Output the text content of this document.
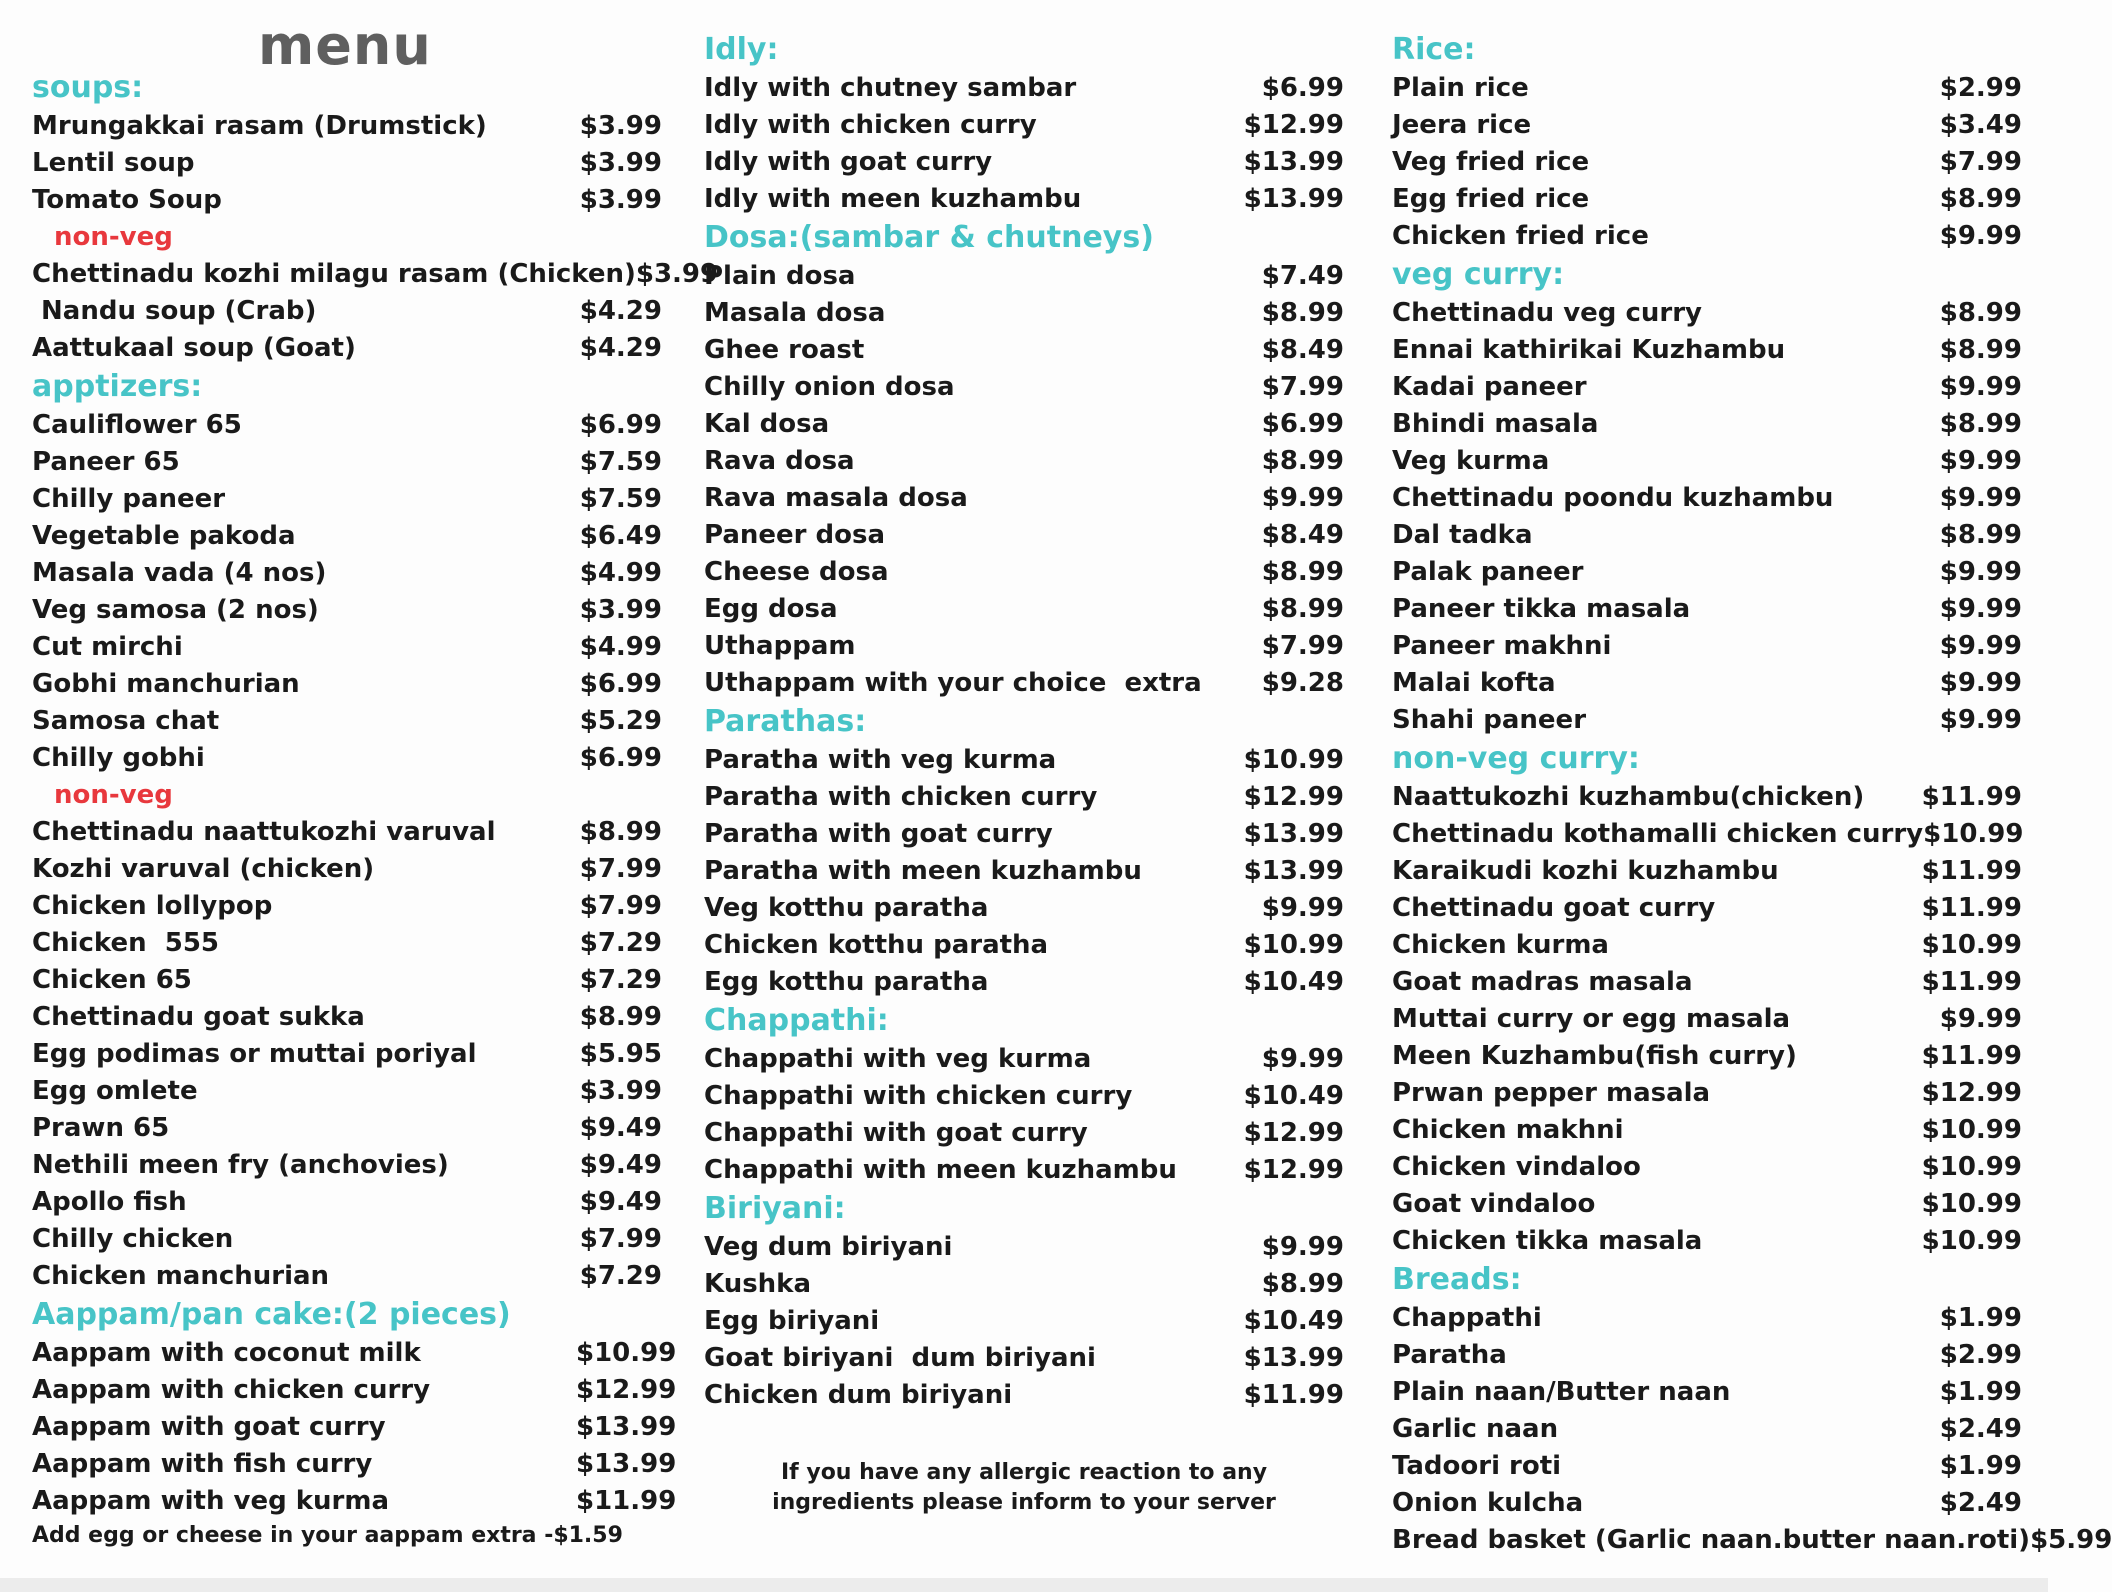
menu
soups:
Mrungakkai rasam (Drumstick)	$3.99
Lentil soup	$3.99
Tomato Soup	$3.99
non-veg
Chettinadu kozhi milagu rasam (Chicken) $3.99
Nandu soup (Crab)	$4.29
Aattukaal soup (Goat)	$4.29
apptizers:
Cauliflower 65	$6.99
Paneer 65	$7.59
Chilly paneer	$7.59
Vegetable pakoda	$6.49
Masala vada (4 nos)	$4.99
Veg samosa (2 nos)	$3.99
Cut mirchi	$4.99
Gobhi manchurian	$6.99
Samosa chat	$5.29
Chilly gobhi	$6.99
non-veg
Chettinadu naattukozhi varuval	$8.99
Kozhi varuval (chicken)	$7.99
Chicken lollypop	$7.99
Chicken  555	$7.29
Chicken 65	$7.29
Chettinadu goat sukka	$8.99
Egg podimas or muttai poriyal	$5.95
Egg omlete	$3.99
Prawn 65	$9.49
Nethili meen fry (anchovies)	$9.49
Apollo fish	$9.49
Chilly chicken	$7.99
Chicken manchurian	$7.29
Aappam/pan cake:(2 pieces)
Aappam with coconut milk	$10.99
Aappam with chicken curry	$12.99
Aappam with goat curry	$13.99
Aappam with fish curry	$13.99
Aappam with veg kurma	$11.99
Add egg or cheese in your aappam extra -$1.59
Idly:
Idly with chutney sambar	$6.99
Idly with chicken curry	$12.99
Idly with goat curry	$13.99
Idly with meen kuzhambu	$13.99
Dosa:(sambar & chutneys)
Plain dosa	$7.49
Masala dosa	$8.99
Ghee roast	$8.49
Chilly onion dosa	$7.99
Kal dosa	$6.99
Rava dosa	$8.99
Rava masala dosa	$9.99
Paneer dosa	$8.49
Cheese dosa	$8.99
Egg dosa	$8.99
Uthappam	$7.99
Uthappam with your choice  extra $9.28
Parathas:
Paratha with veg kurma	$10.99
Paratha with chicken curry	$12.99
Paratha with goat curry	$13.99
Paratha with meen kuzhambu	$13.99
Veg kotthu paratha	$9.99
Chicken kotthu paratha	$10.99
Egg kotthu paratha	$10.49
Chappathi:
Chappathi with veg kurma	$9.99
Chappathi with chicken curry	$10.49
Chappathi with goat curry	$12.99
Chappathi with meen kuzhambu	$12.99
Biriyani:
Veg dum biriyani	$9.99
Kushka	$8.99
Egg biriyani	$10.49
Goat biriyani  dum biriyani	$13.99
Chicken dum biriyani	$11.99
If you have any allergic reaction to any ingredients please inform to your server
Rice:
Plain rice	$2.99
Jeera rice	$3.49
Veg fried rice	$7.99
Egg fried rice	$8.99
Chicken fried rice	$9.99
veg curry:
Chettinadu veg curry	$8.99
Ennai kathirikai Kuzhambu	$8.99
Kadai paneer	$9.99
Bhindi masala	$8.99
Veg kurma	$9.99
Chettinadu poondu kuzhambu	$9.99
Dal tadka	$8.99
Palak paneer	$9.99
Paneer tikka masala	$9.99
Paneer makhni	$9.99
Malai kofta	$9.99
Shahi paneer	$9.99
non-veg curry:
Naattukozhi kuzhambu(chicken) $11.99
Chettinadu kothamalli chicken curry $10.99
Karaikudi kozhi kuzhambu	$11.99
Chettinadu goat curry	$11.99
Chicken kurma	$10.99
Goat madras masala	$11.99
Muttai curry or egg masala	$9.99
Meen Kuzhambu(fish curry)	$11.99
Prwan pepper masala	$12.99
Chicken makhni	$10.99
Chicken vindaloo	$10.99
Goat vindaloo	$10.99
Chicken tikka masala	$10.99
Breads:
Chappathi	$1.99
Paratha	$2.99
Plain naan/Butter naan	$1.99
Garlic naan	$2.49
Tadoori roti	$1.99
Onion kulcha	$2.49
Bread basket (Garlic naan.butter naan.roti) $5.99
